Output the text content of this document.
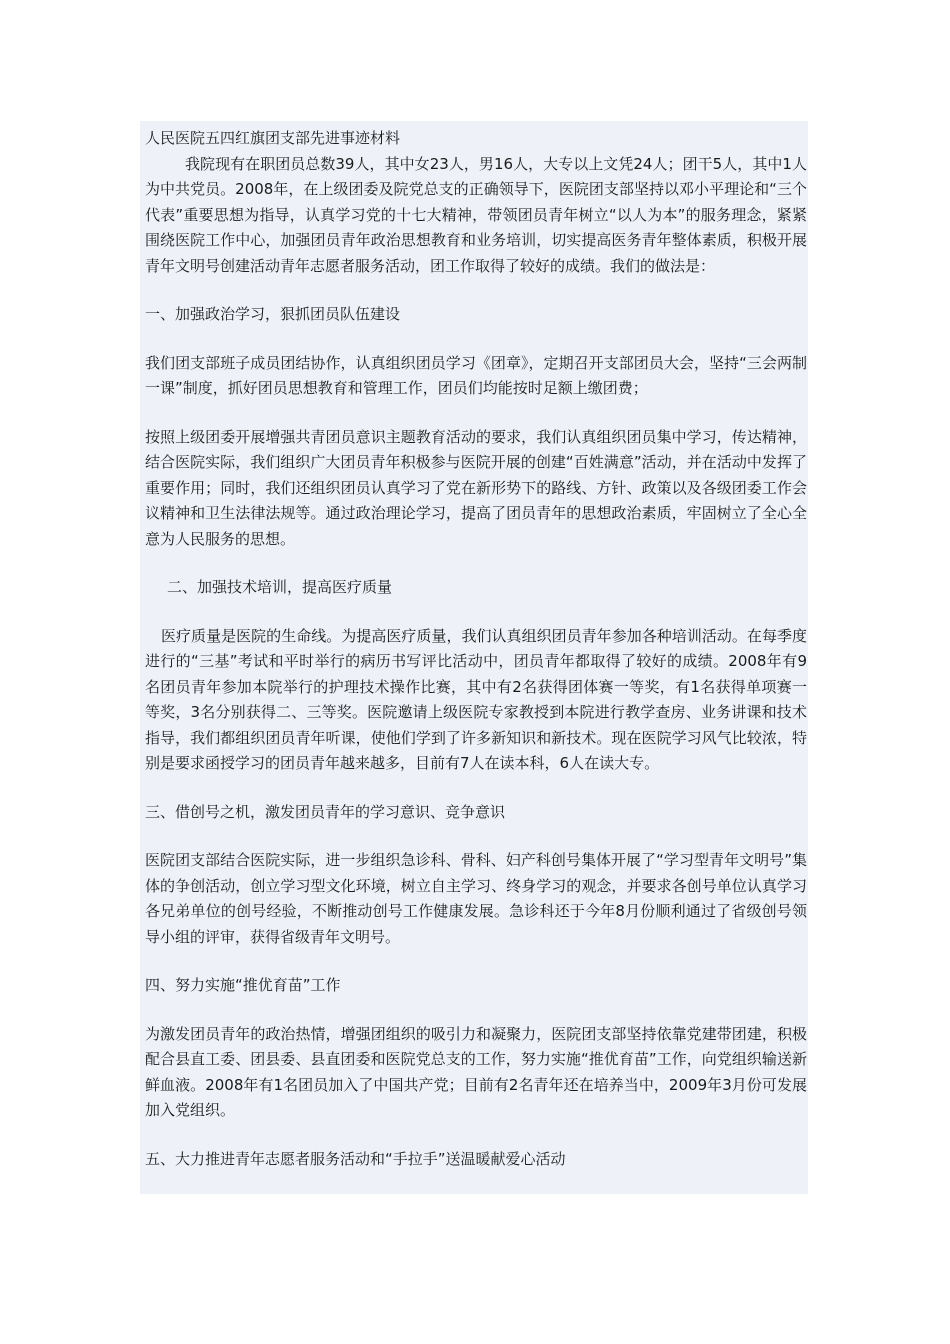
人民医院五四红旗团支部先进事迹材料

我院现有在职团员总数39人，其中女23人，男16人，大专以上文凭24人；团干5人，其中1人为中共党员。2008年，在上级团委及院党总支的正确领导下，医院团支部坚持以邓小平理论和“三个代表”重要思想为指导，认真学习党的十七大精神，带领团员青年树立“以人为本”的服务理念，紧紧围绕医院工作中心，加强团员青年政治思想教育和业务培训，切实提高医务青年整体素质，积极开展青年文明号创建活动青年志愿者服务活动，团工作取得了较好的成绩。我们的做法是：

一、加强政治学习，狠抓团员队伍建设

我们团支部班子成员团结协作，认真组织团员学习《团章》，定期召开支部团员大会，坚持“三会两制一课”制度，抓好团员思想教育和管理工作，团员们均能按时足额上缴团费；

按照上级团委开展增强共青团员意识主题教育活动的要求，我们认真组织团员集中学习，传达精神，结合医院实际，我们组织广大团员青年积极参与医院开展的创建“百姓满意”活动，并在活动中发挥了重要作用；同时，我们还组织团员认真学习了党在新形势下的路线、方针、政策以及各级团委工作会议精神和卫生法律法规等。通过政治理论学习，提高了团员青年的思想政治素质，牢固树立了全心全意为人民服务的思想。

二、加强技术培训，提高医疗质量

医疗质量是医院的生命线。为提高医疗质量，我们认真组织团员青年参加各种培训活动。在每季度进行的“三基”考试和平时举行的病历书写评比活动中，团员青年都取得了较好的成绩。2008年有9名团员青年参加本院举行的护理技术操作比赛，其中有2名获得团体赛一等奖，有1名获得单项赛一等奖，3名分别获得二、三等奖。医院邀请上级医院专家教授到本院进行教学查房、业务讲课和技术指导，我们都组织团员青年听课，使他们学到了许多新知识和新技术。现在医院学习风气比较浓，特别是要求函授学习的团员青年越来越多，目前有7人在读本科，6人在读大专。

三、借创号之机，激发团员青年的学习意识、竞争意识

医院团支部结合医院实际，进一步组织急诊科、骨科、妇产科创号集体开展了“学习型青年文明号”集体的争创活动，创立学习型文化环境，树立自主学习、终身学习的观念，并要求各创号单位认真学习各兄弟单位的创号经验，不断推动创号工作健康发展。急诊科还于今年8月份顺利通过了省级创号领导小组的评审，获得省级青年文明号。

四、努力实施“推优育苗”工作

为激发团员青年的政治热情，增强团组织的吸引力和凝聚力，医院团支部坚持依靠党建带团建，积极配合县直工委、团县委、县直团委和医院党总支的工作，努力实施“推优育苗”工作，向党组织输送新鲜血液。2008年有1名团员加入了中国共产党；目前有2名青年还在培养当中，2009年3月份可发展加入党组织。

五、大力推进青年志愿者服务活动和“手拉手”送温暖献爱心活动
